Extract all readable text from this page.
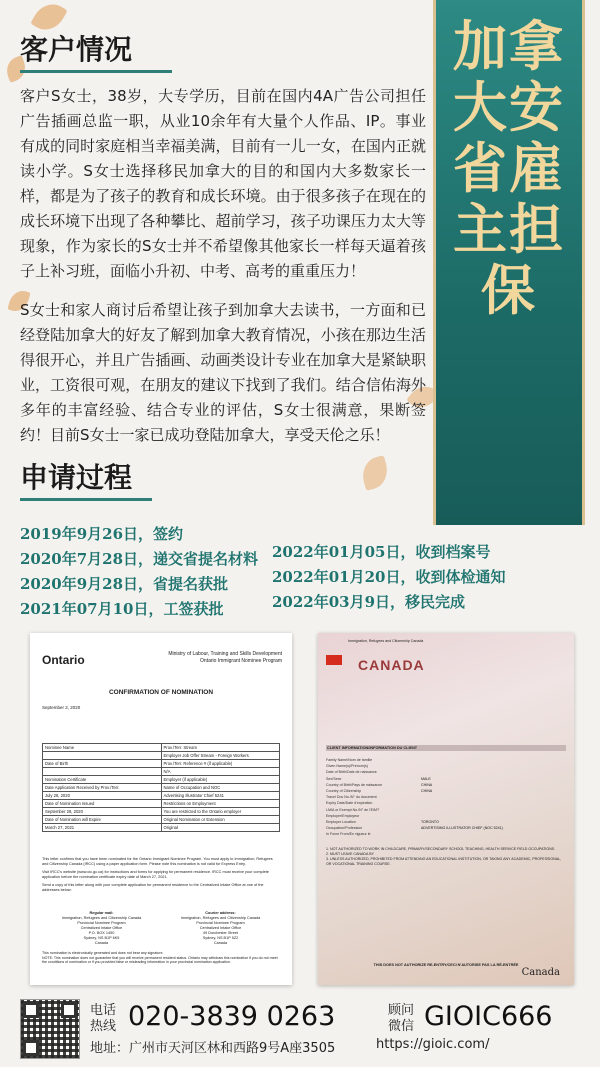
加拿大安省雇主担保
客户情况
客户S女士，38岁，大专学历，目前在国内4A广告公司担任广告插画总监一职，从业10余年有大量个人作品、IP。事业有成的同时家庭相当幸福美满，目前有一儿一女，在国内正就读小学。S女士选择移民加拿大的目的和国内大多数家长一样，都是为了孩子的教育和成长环境。由于很多孩子在现在的成长环境下出现了各种攀比、超前学习，孩子功课压力太大等现象，作为家长的S女士并不希望像其他家长一样每天逼着孩子上补习班，面临小升初、中考、高考的重重压力！
S女士和家人商讨后希望让孩子到加拿大去读书，一方面和已经登陆加拿大的好友了解到加拿大教育情况，小孩在那边生活得很开心，并且广告插画、动画类设计专业在加拿大是紧缺职业，工资很可观，在朋友的建议下找到了我们。结合信佑海外多年的丰富经验、结合专业的评估，S女士很满意，果断签约！目前S女士一家已成功登陆加拿大，享受天伦之乐！
申请过程
2019年9月26日，签约
2020年7月28日，递交省提名材料
2020年9月28日，省提名获批
2021年07月10日，工签获批
2022年01月05日，收到档案号
2022年01月20日，收到体检通知
2022年03月9日，移民完成
Ontario	Ministry of Labour, Training and Skills Development
Ontario Immigrant Nominee Program
CONFIRMATION OF NOMINATION
September 2, 2020
Nominee Name	Prov./Terr. Stream
	Employer Job Offer Stream - Foreign Workers
Date of Birth	Prov./Terr. Reference # (if applicable)
	N/A
Nomination Certificate	Employer (if applicable)
Date Application Received by Prov./Terr.	Name of Occupation and NOC
July 28, 2020	Advertising Illustrator Chief 5241
Date of Nomination Issued	Restrictions on Employment
September 28, 2020	You are restricted to the Ontario employer
Date of Nomination will Expire	Original Nomination or Extension
March 27, 2021	Original

This letter confirms that you have been nominated for the Ontario Immigrant Nominee Program. You must apply to Immigration, Refugees and Citizenship Canada (IRCC) using a paper application form. Please note this nomination is not valid for Express Entry.

Visit IRCC's website (www.cic.gc.ca) for instructions and forms for applying for permanent residence. IRCC must receive your complete application before the nomination certificate expiry date of March 27, 2021.

Send a copy of this letter along with your complete application for permanent residence to the Centralized Intake Office at one of the addresses below:

Regular mail:
Immigration, Refugees and Citizenship Canada
Provincial Nominee Program
Centralized Intake Office
P.O. BOX 1450
Sydney, NS B1P 6K5
Canada
Courier address:
Immigration, Refugees and Citizenship Canada
Provincial Nominee Program
Centralized Intake Office
49 Dorchester Street
Sydney, NS B1P 5Z2
Canada
This nomination is electronically generated and does not bear any signature.
NOTE: This nomination does not guarantee that you will receive permanent resident status. Ontario may withdraw this nomination if you do not meet the conditions of nomination or if you provided false or misleading information in your provincial nomination application.
Immigration, Refugees and Citizenship Canada
CANADA
CLIENT INFORMATION/INFORMATION DU CLIENT
Family Name/Nom de famille
Given Name(s)/Prénom(s)
Date of Birth/Date de naissance
Sex/Sexe	MALE
Country of Birth/Pays de naissance	CHINA
Country of Citizenship	CHINA
Travel Doc No./N° du document
Expiry Date/Date d'expiration
LMIA or Exempt No./N° de l'EIMT
Employer/Employeur
Employer Location	TORONTO
Occupation/Profession	ADVERTISING ILLUSTRATOR CHIEF (NOC 5241)
In Force From/En vigueur le
1. NOT AUTHORIZED TO WORK IN CHILDCARE, PRIMARY/SECONDARY SCHOOL TEACHING, HEALTH SERVICE FIELD OCCUPATIONS.
2. MUST LEAVE CANADA BY
3. UNLESS AUTHORIZED, PROHIBITED FROM ATTENDING AN EDUCATIONAL INSTITUTION, OR TAKING ANY ACADEMIC, PROFESSIONAL, OR VOCATIONAL TRAINING COURSE.
THIS DOES NOT AUTHORIZE RE-ENTRY/CECI N'AUTORISE PAS LA RÉ-ENTRÉE
Canada
电话热线 020-3839 0263	顾问微信 GIOIC666
地址：广州市天河区林和西路9号A座3505	https://gioic.com/
